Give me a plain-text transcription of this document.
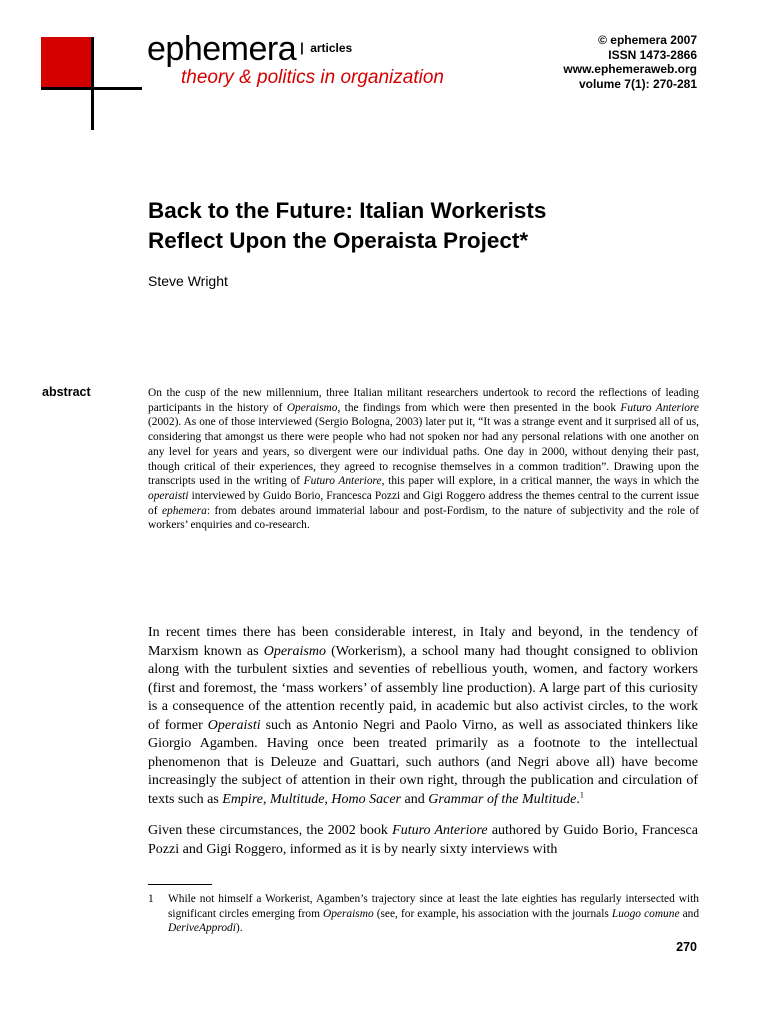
ephemera | $^{articles}$
theory & politics in organization
© ephemera 2007
ISSN 1473-2866
www.ephemeraweb.org
volume 7(1): 270-281
Back to the Future: Italian Workerists
Reflect Upon the Operaista Project*
Steve Wright
abstract	On the cusp of the new millennium, three Italian militant researchers undertook to record the reflections of leading participants in the history of Operaismo, the findings from which were then presented in the book Futuro Anteriore (2002). As one of those interviewed (Sergio Bologna, 2003) later put it, “It was a strange event and it surprised all of us, considering that amongst us there were people who had not spoken nor had any personal relations with one another on any level for years and years, so divergent were our individual paths. One day in 2000, without denying their past, though critical of their experiences, they agreed to recognise themselves in a common tradition”. Drawing upon the transcripts used in the writing of Futuro Anteriore, this paper will explore, in a critical manner, the ways in which the operaisti interviewed by Guido Borio, Francesca Pozzi and Gigi Roggero address the themes central to the current issue of ephemera: from debates around immaterial labour and post-Fordism, to the nature of subjectivity and the role of workers’ enquiries and co-research.

In recent times there has been considerable interest, in Italy and beyond, in the tendency of Marxism known as Operaismo (Workerism), a school many had thought consigned to oblivion along with the turbulent sixties and seventies of rebellious youth, women, and factory workers (first and foremost, the ‘mass workers’ of assembly line production). A large part of this curiosity is a consequence of the attention recently paid, in academic but also activist circles, to the work of former Operaisti such as Antonio Negri and Paolo Virno, as well as associated thinkers like Giorgio Agamben. Having once been treated primarily as a footnote to the intellectual phenomenon that is Deleuze and Guattari, such authors (and Negri above all) have become increasingly the subject of attention in their own right, through the publication and circulation of texts such as Empire, Multitude, Homo Sacer and Grammar of the Multitude.$^1$

Given these circumstances, the 2002 book Futuro Anteriore authored by Guido Borio, Francesca Pozzi and Gigi Roggero, informed as it is by nearly sixty interviews with

1 While not himself a Workerist, Agamben’s trajectory since at least the late eighties has regularly intersected with significant circles emerging from Operaismo (see, for example, his association with the journals Luogo comune and DeriveApprodi).

270
